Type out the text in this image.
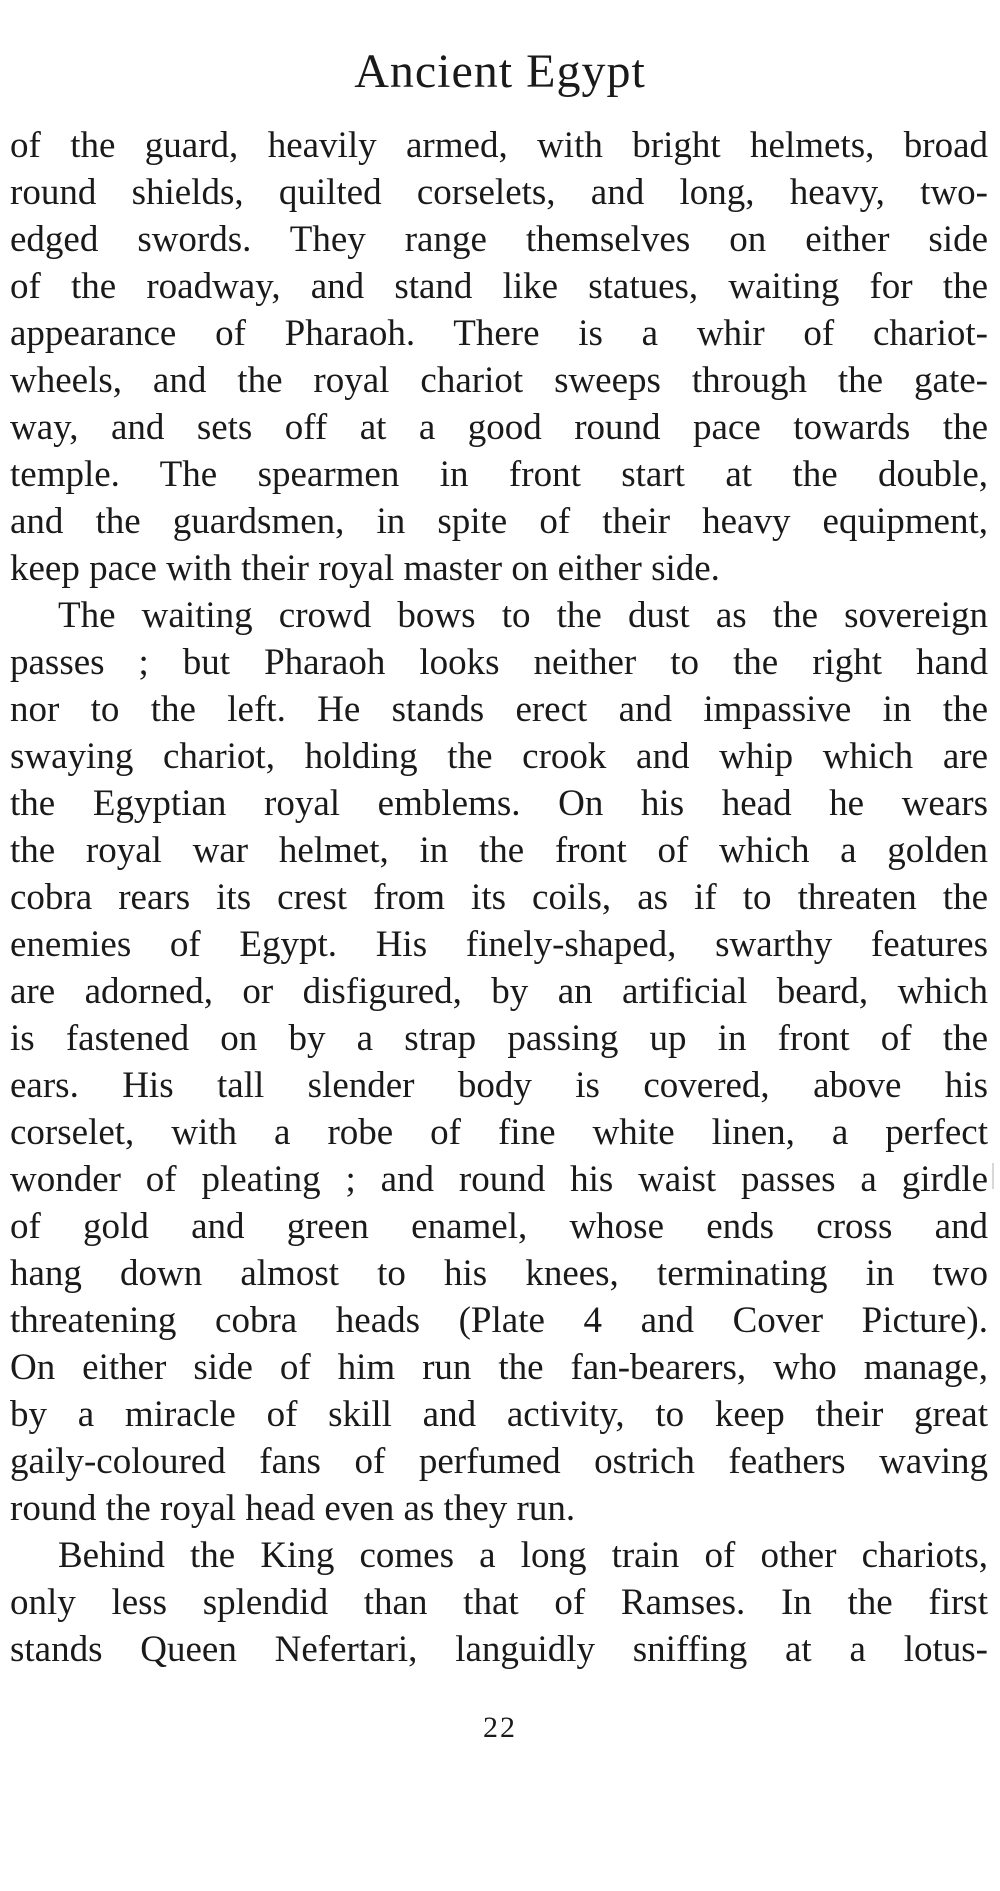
Ancient Egypt
of the guard, heavily armed, with bright helmets, broad
round shields, quilted corselets, and long, heavy, two-
edged swords. They range themselves on either side
of the roadway, and stand like statues, waiting for the
appearance of Pharaoh. There is a whir of chariot-
wheels, and the royal chariot sweeps through the gate-
way, and sets off at a good round pace towards the
temple. The spearmen in front start at the double,
and the guardsmen, in spite of their heavy equipment,
keep pace with their royal master on either side.
The waiting crowd bows to the dust as the sovereign
passes ; but Pharaoh looks neither to the right hand
nor to the left. He stands erect and impassive in the
swaying chariot, holding the crook and whip which are
the Egyptian royal emblems. On his head he wears
the royal war helmet, in the front of which a golden
cobra rears its crest from its coils, as if to threaten the
enemies of Egypt. His finely-shaped, swarthy features
are adorned, or disfigured, by an artificial beard, which
is fastened on by a strap passing up in front of the
ears. His tall slender body is covered, above his
corselet, with a robe of fine white linen, a perfect
wonder of pleating ; and round his waist passes a girdle
of gold and green enamel, whose ends cross and
hang down almost to his knees, terminating in two
threatening cobra heads (Plate 4 and Cover Picture).
On either side of him run the fan-bearers, who manage,
by a miracle of skill and activity, to keep their great
gaily-coloured fans of perfumed ostrich feathers waving
round the royal head even as they run.
Behind the King comes a long train of other chariots,
only less splendid than that of Ramses. In the first
stands Queen Nefertari, languidly sniffing at a lotus-
22
